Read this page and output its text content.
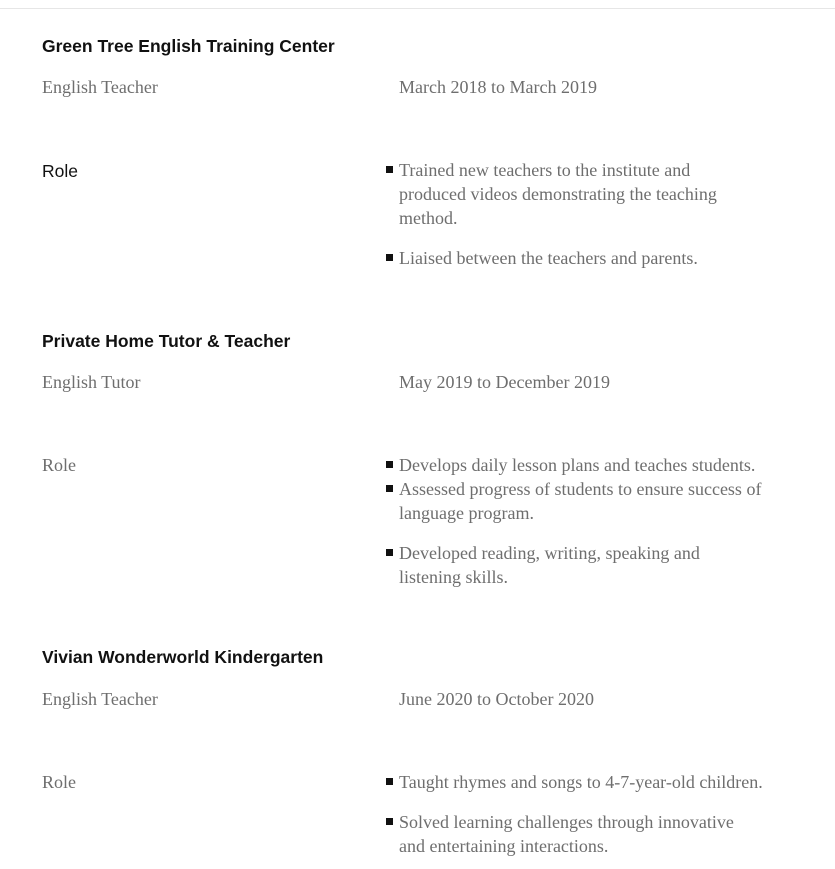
Green Tree English Training Center
English Teacher	March 2018 to March 2019
Role	Trained new teachers to the institute and produced videos demonstrating the teaching method.
Liaised between the teachers and parents.
Private Home Tutor & Teacher
English Tutor	May 2019 to December 2019
Role	Develops daily lesson plans and teaches students.
Assessed progress of students to ensure success of language program.
Developed reading, writing, speaking and listening skills.
Vivian Wonderworld Kindergarten
English Teacher	June 2020 to October 2020
Role	Taught rhymes and songs to 4-7-year-old children.
Solved learning challenges through innovative and entertaining interactions.
